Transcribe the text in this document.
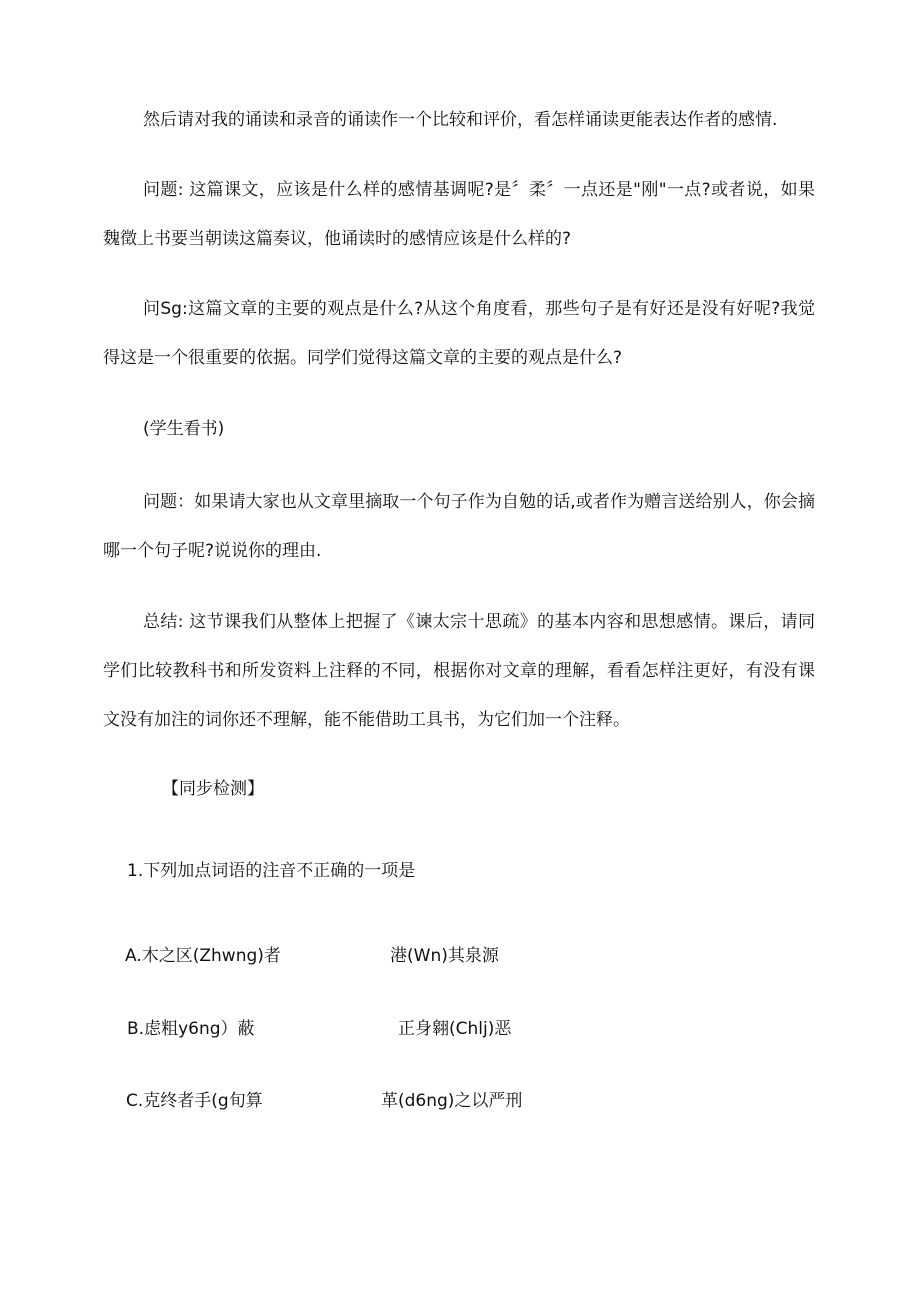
然后请对我的诵读和录音的诵读作一个比较和评价，看怎样诵读更能表达作者的感情.
问题: 这篇课文，应该是什么样的感情基调呢?是〞柔〞一点还是"刚"一点?或者说，如果魏徵上书要当朝读这篇奏议，他诵读时的感情应该是什么样的?
问Sg:这篇文章的主要的观点是什么?从这个角度看，那些句子是有好还是没有好呢?我觉得这是一个很重要的依据。同学们觉得这篇文章的主要的观点是什么?
(学生看书)
问题：如果请大家也从文章里摘取一个句子作为自勉的话,或者作为赠言送给别人，你会摘哪一个句子呢?说说你的理由.
总结: 这节课我们从整体上把握了《谏太宗十思疏》的基本内容和思想感情。课后，请同学们比较教科书和所发资料上注释的不同，根据你对文章的理解，看看怎样注更好，有没有课文没有加注的词你还不理解，能不能借助工具书，为它们加一个注释。
【同步检测】
1.下列加点词语的注音不正确的一项是
A.木之区(Zhwng)者	港(Wn)其泉源
B.虑粗y6ng）蔽	正身翱(Chlj)恶
C.克终者手(g旬算	革(d6ng)之以严刑
